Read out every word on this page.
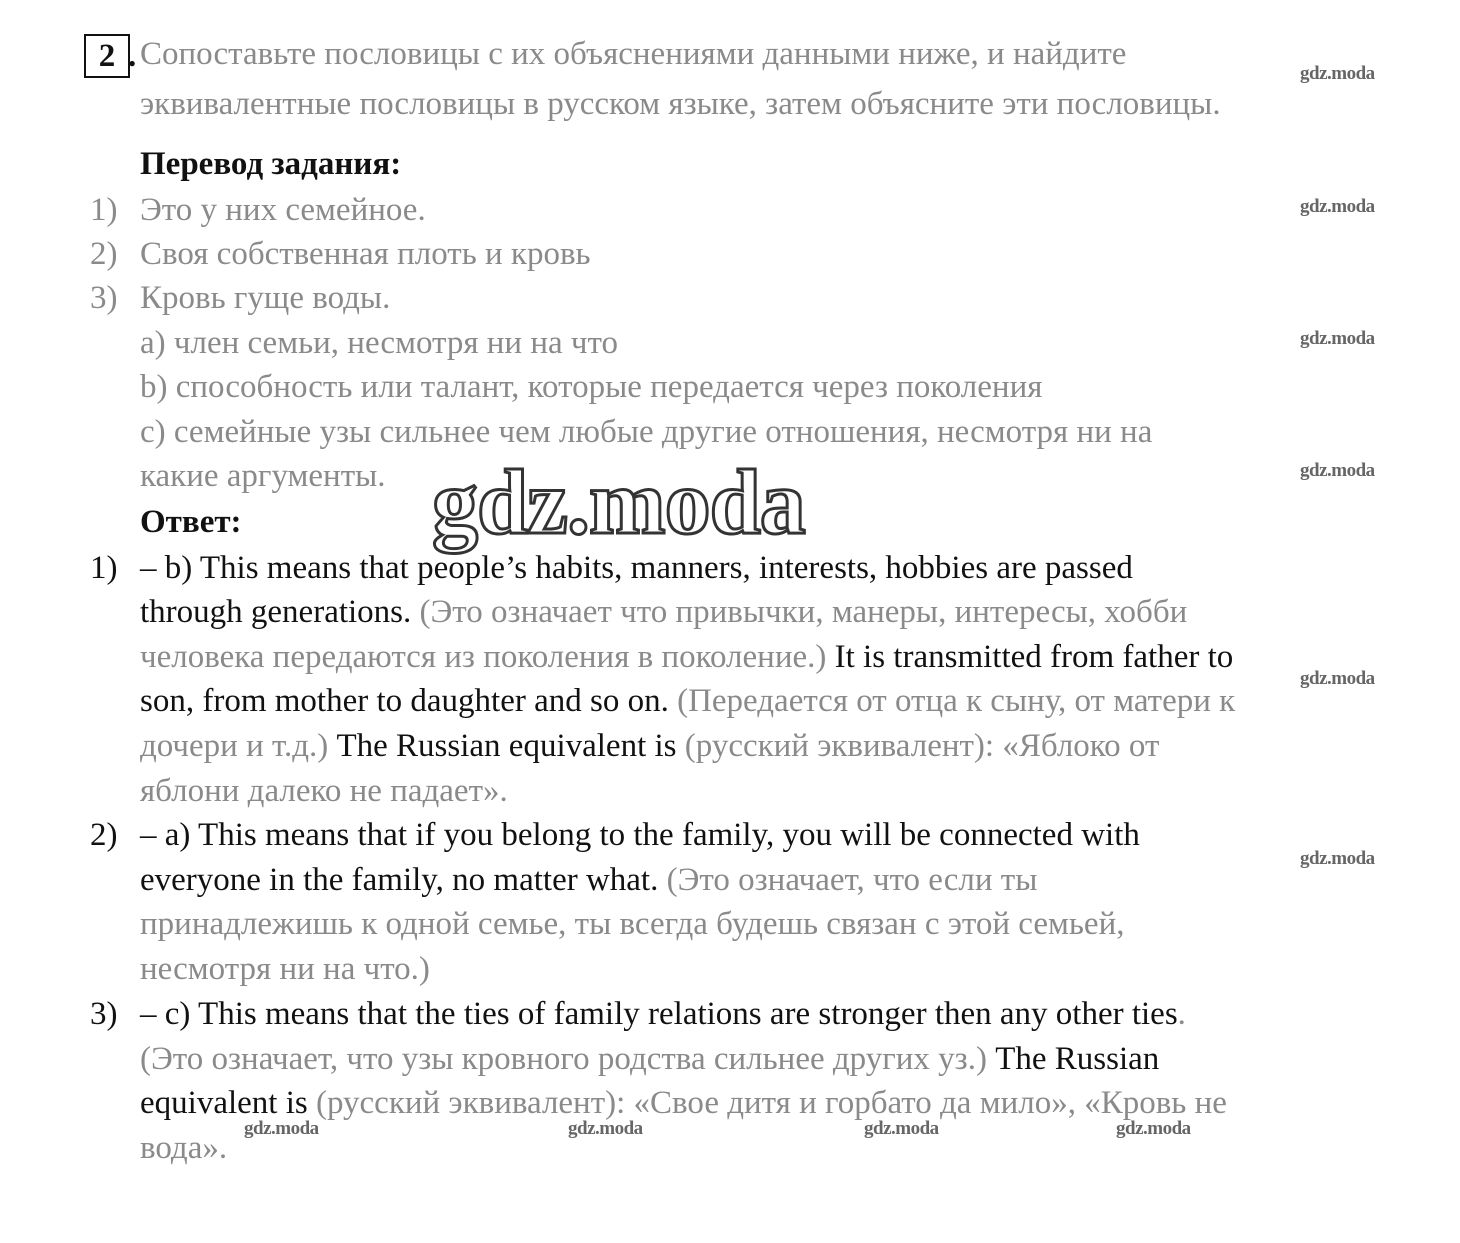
2 . Сопоставьте пословицы с их объяснениями данными ниже, и найдите
эквивалентные пословицы в русском языке, затем объясните эти пословицы.
Перевод задания:
1) Это у них семейное.
2) Своя собственная плоть и кровь
3) Кровь гуще воды.
a) член семьи, несмотря ни на что
b) способность или талант, которые передается через поколения
c) семейные узы сильнее чем любые другие отношения, несмотря ни на
какие аргументы.
Ответ:
1) – b) This means that people’s habits, manners, interests, hobbies are passed
through generations. (Это означает что привычки, манеры, интересы, хобби
человека передаются из поколения в поколение.) It is transmitted from father to
son, from mother to daughter and so on. (Передается от отца к сыну, от матери к
дочери и т.д.) The Russian equivalent is (русский эквивалент): «Яблоко от
яблони далеко не падает».
2) – a) This means that if you belong to the family, you will be connected with
everyone in the family, no matter what. (Это означает, что если ты
принадлежишь к одной семье, ты всегда будешь связан с этой семьей,
несмотря ни на что.)
3) – c) This means that the ties of family relations are stronger then any other ties.
(Это означает, что узы кровного родства сильнее других уз.) The Russian
equivalent is (русский эквивалент): «Свое дитя и горбато да мило», «Кровь не
вода».
gdz.moda
gdz.moda
gdz.moda
gdz.moda
gdz.moda
gdz.moda
gdz.moda
gdz.moda	gdz.moda	gdz.moda	gdz.moda
